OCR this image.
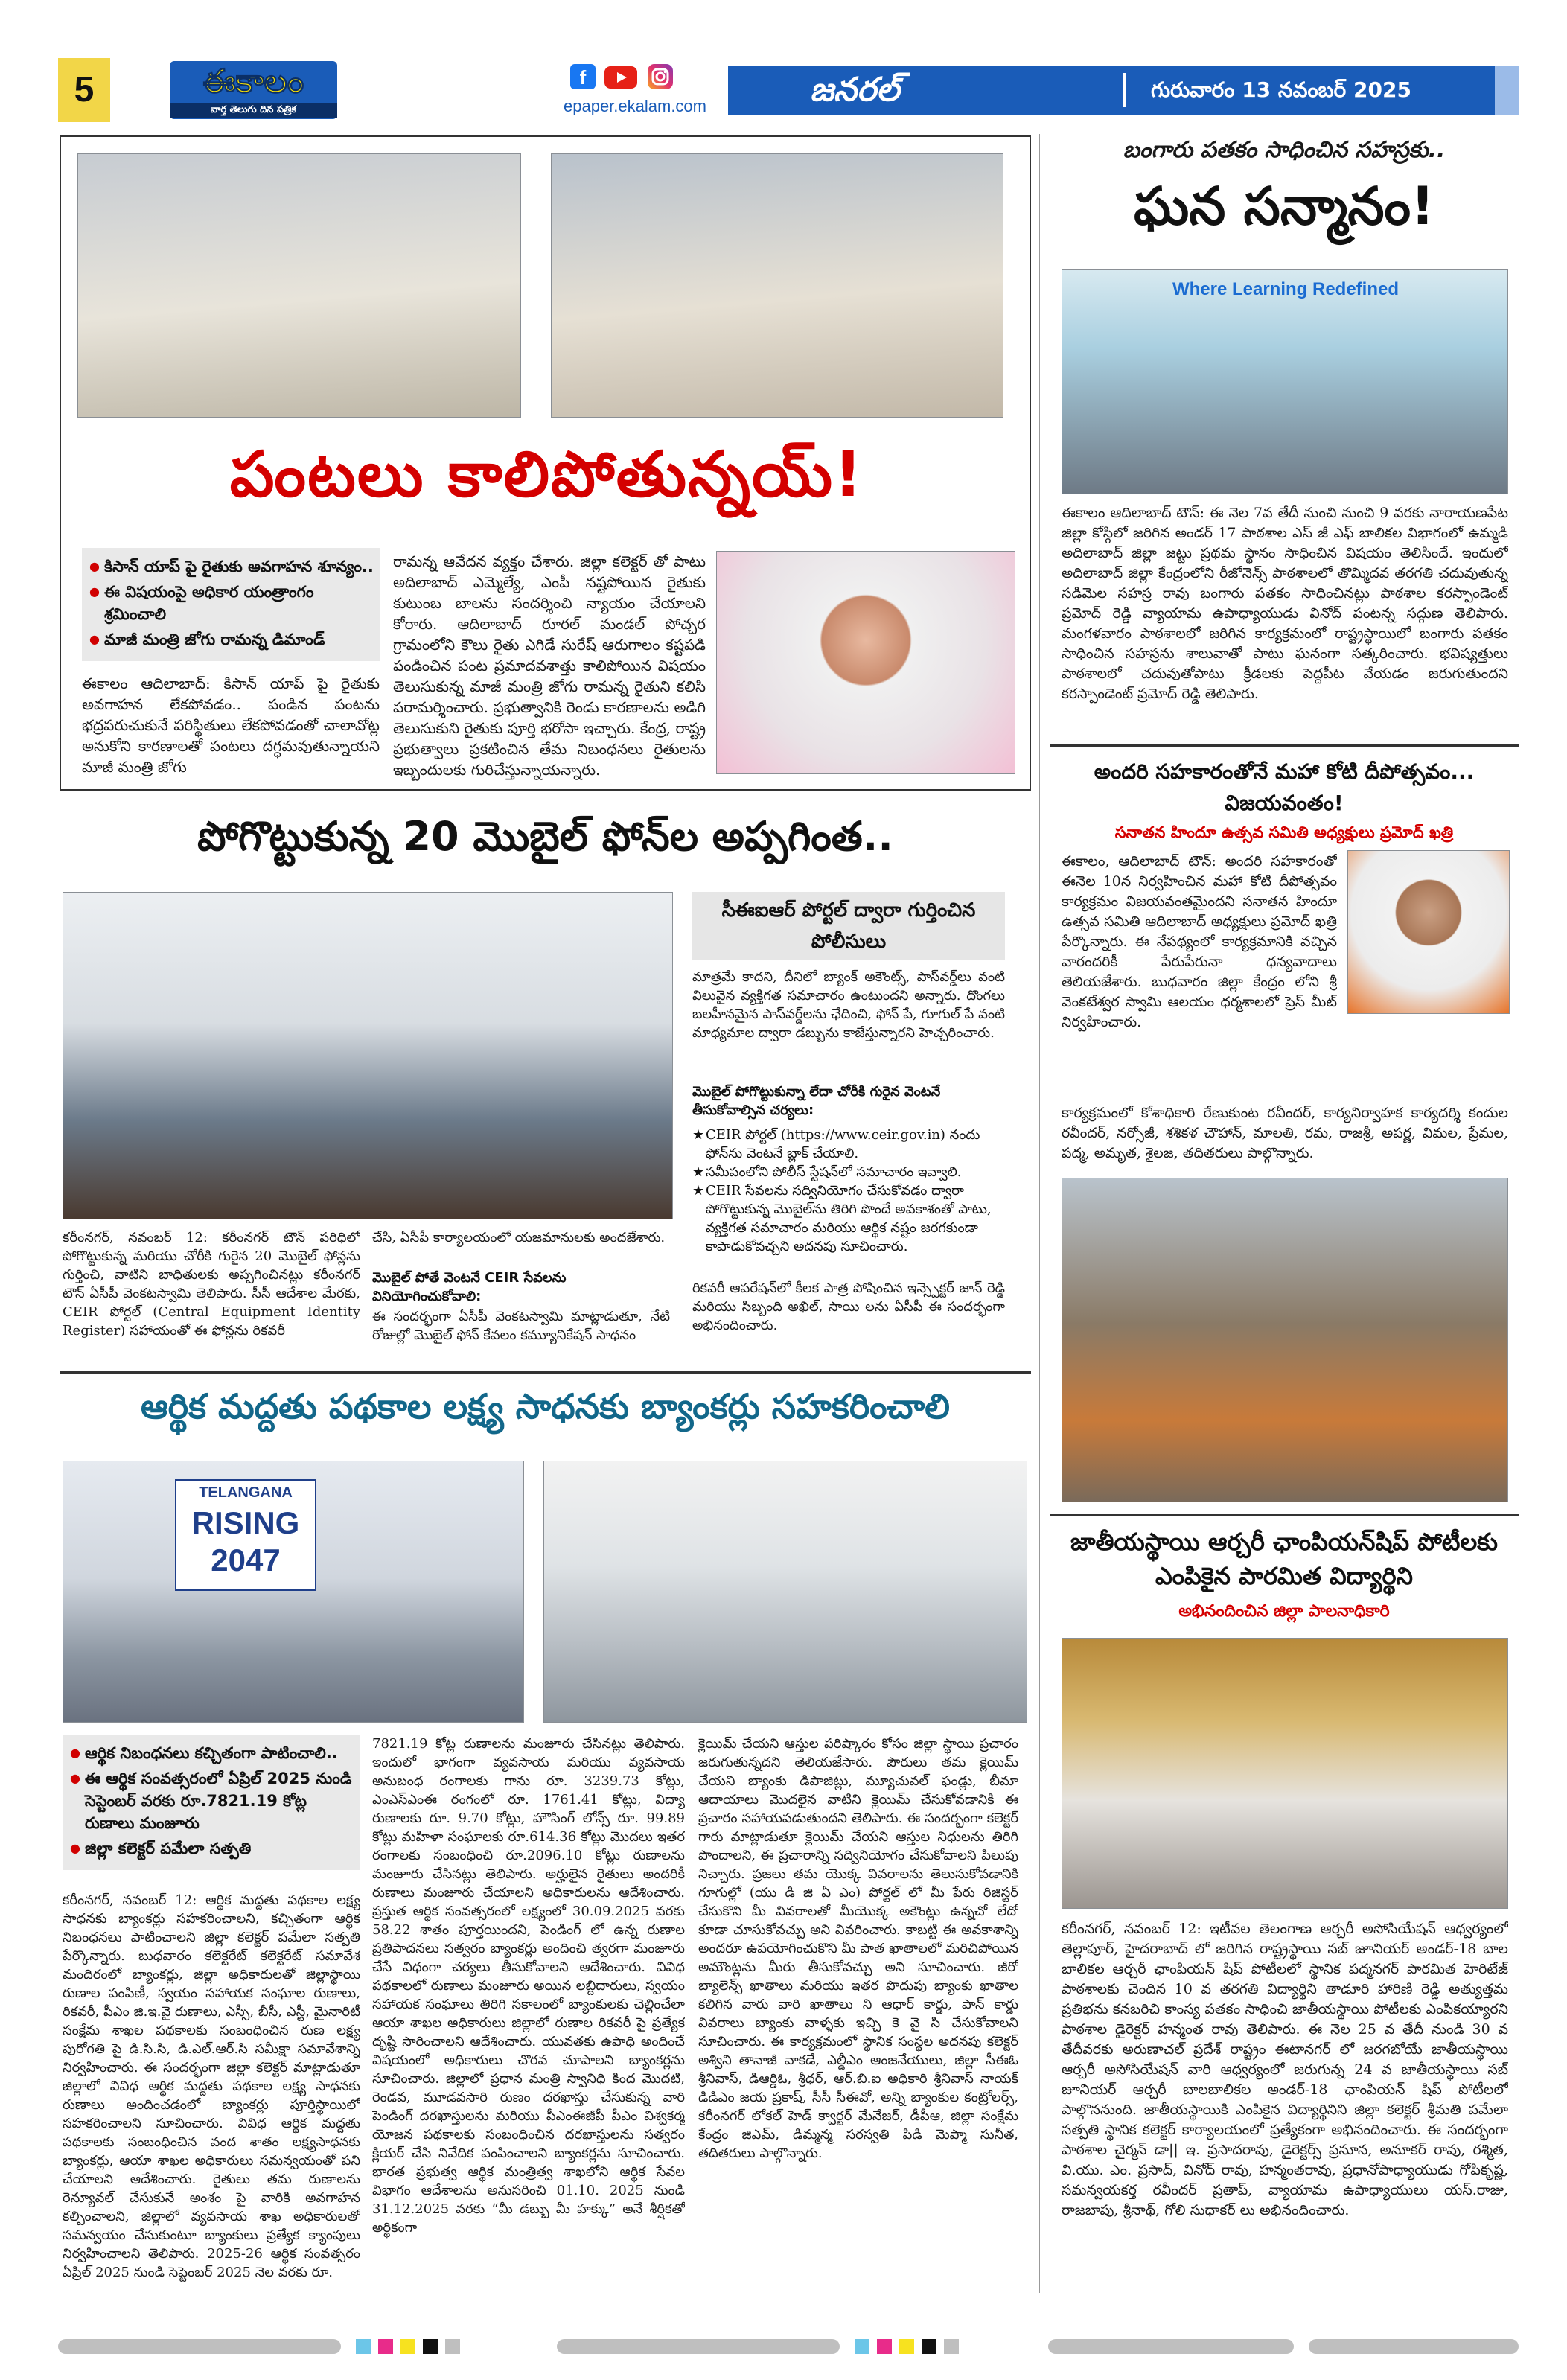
5	ఈకాలం
వార్త తెలుగు దిన పత్రిక
f
epaper.ekalam.com	జనరల్	గురువారం 13 నవంబర్ 2025
పంటలు కాలిపోతున్నయ్!
● కిసాన్ యాప్ పై రైతుకు అవగాహన శూన్యం..
● ఈ విషయంపై అధికార యంత్రాంగం శ్రమించాలి
● మాజీ మంత్రి జోగు రామన్న డిమాండ్
ఈకాలం ఆదిలాబాద్: కిసాన్ యాప్ పై రైతుకు అవగాహన లేకపోవడం.. పండిన పంటను భద్రపరుచుకునే పరిస్థితులు లేకపోవడంతో చాలావోట్ల అనుకోని కారణాలతో పంటలు దగ్ధమవుతున్నాయని మాజీ మంత్రి జోగు
రామన్న ఆవేదన వ్యక్తం చేశారు. జిల్లా కలెక్టర్ తో పాటు అదిలాబాద్ ఎమ్మెల్యే, ఎంపీ నష్టపోయిన రైతుకు కుటుంబ బాలను సందర్శించి న్యాయం చేయాలని కోరారు. ఆదిలాబాద్ రూరల్ మండల్ పోచ్చర గ్రామంలోని కౌలు రైతు ఎగిడే సురేష్ ఆరుగాలం కష్టపడి పండించిన పంట ప్రమాదవశాత్తు కాలిపోయిన విషయం తెలుసుకున్న మాజీ మంత్రి జోగు రామన్న రైతుని కలిసి పరామర్శించారు. ప్రభుత్వానికి రెండు కారణాలను అడిగి తెలుసుకుని రైతుకు పూర్తి భరోసా ఇచ్చారు. కేంద్ర, రాష్ట్ర ప్రభుత్వాలు ప్రకటించిన తేమ నిబంధనలు రైతులను ఇబ్బందులకు గురిచేస్తున్నాయన్నారు.
బంగారు పతకం సాధించిన సహస్రకు..
ఘన సన్మానం!
Where Learning Redefined
ఈకాలం ఆదిలాబాద్ టౌన్: ఈ నెల 7వ తేదీ నుంచి నుంచి 9 వరకు నారాయణపేట జిల్లా కోస్గిలో జరిగిన అండర్ 17 పాఠశాల ఎస్ జీ ఎఫ్ బాలికల విభాగంలో ఉమ్మడి అదిలాబాద్ జిల్లా జట్టు ప్రథమ స్థానం సాధించిన విషయం తెలిసిందే. ఇందులో అదిలాబాద్ జిల్లా కేంద్రంలోని రీజోనెన్స్ పాఠశాలలో తొమ్మిదవ తరగతి చదువుతున్న సడిమెల సహస్ర రావు బంగారు పతకం సాధించినట్లు పాఠశాల కరస్పాండెంట్ ప్రమోద్ రెడ్డి వ్యాయామ ఉపాధ్యాయుడు వినోద్ పంటన్న సద్గుణ తెలిపారు. మంగళవారం పాఠశాలలో జరిగిన కార్యక్రమంలో రాష్ట్రస్థాయిలో బంగారు పతకం సాధించిన సహస్రను శాలువాతో పాటు ఘనంగా సత్కరించారు. భవిష్యత్తులు పాఠశాలలో చదువుతోపాటు క్రీడలకు పెద్దపీట వేయడం జరుగుతుందని కరస్పాండెంట్ ప్రమోద్ రెడ్డి తెలిపారు.
అందరి సహకారంతోనే మహా కోటి దీపోత్సవం... విజయవంతం!
సనాతన హిందూ ఉత్సవ సమితి అధ్యక్షులు ప్రమోద్ ఖత్రి
ఈకాలం, ఆదిలాబాద్ టౌన్: అందరి సహకారంతో ఈనెల 10న నిర్వహించిన మహా కోటి దీపోత్సవం కార్యక్రమం విజయవంతమైందని సనాతన హిందూ ఉత్సవ సమితి ఆదిలాబాద్ అధ్యక్షులు ప్రమోద్ ఖత్రి పేర్కొన్నారు. ఈ నేపథ్యంలో కార్యక్రమానికి వచ్చిన వారందరికీ పేరుపేరునా ధన్యవాదాలు తెలియజేశారు. బుధవారం జిల్లా కేంద్రం లోని శ్రీ వెంకటేశ్వర స్వామి ఆలయం ధర్మశాలలో ప్రెస్ మీట్ నిర్వహించారు.
కార్యక్రమంలో కోశాధికారి రేణుకుంట రవీందర్, కార్యనిర్వాహక కార్యదర్శి కందుల రవీందర్, నర్సోజీ, శశికళ చౌహాన్, మాలతి, రమ, రాజశ్రీ, అపర్ణ, విమల, ప్రేమల, పద్మ, అమృత, శైలజ, తదితరులు పాల్గొన్నారు.
జాతీయస్థాయి ఆర్చరీ ఛాంపియన్‌షిప్ పోటీలకు ఎంపికైన పారమిత విద్యార్థిని
అభినందించిన జిల్లా పాలనాధికారి
కరీంనగర్, నవంబర్ 12: ఇటీవల తెలంగాణ ఆర్చరీ అసోసియేషన్ ఆధ్వర్యంలో తెల్లాపూర్, హైదరాబాద్ లో జరిగిన రాష్ట్రస్థాయి సబ్ జూనియర్ అండర్-18 బాల బాలికల ఆర్చరీ ఛాంపియన్ షిప్ పోటీలలో స్థానిక పద్మనగర్ పారమిత హెరిటేజ్ పాఠశాలకు చెందిన 10 వ తరగతి విద్యార్థిని తాడూరి హారిణి రెడ్డి అత్యుత్తమ ప్రతిభను కనబరిచి కాంస్య పతకం సాధించి జాతీయస్థాయి పోటీలకు ఎంపికయ్యారని పాఠశాల డైరెక్టర్ హన్మంత రావు తెలిపారు. ఈ నెల 25 వ తేదీ నుండి 30 వ తేదీవరకు అరుణాచల్ ప్రదేశ్ రాష్ట్రం ఈటానగర్ లో జరగబోయే జాతీయస్థాయి ఆర్చరీ అసోసియేషన్ వారి ఆధ్వర్యంలో జరుగున్న 24 వ జాతీయస్థాయి సబ్ జూనియర్ ఆర్చరీ బాలబాలికల అండర్-18 ఛాంపియన్ షిప్ పోటీలలో పాల్గొననుంది. జాతీయస్థాయికి ఎంపికైన విద్యార్థినిని జిల్లా కలెక్టర్ శ్రీమతి పమేలా సత్పతి స్థానిక కలెక్టర్ కార్యాలయంలో ప్రత్యేకంగా అభినందించారు. ఈ సందర్భంగా పాఠశాల చైర్మన్ డా|| ఇ. ప్రసాదరావు, డైరెక్టర్స్ ప్రసూన, అనూకర్ రావు, రశ్మిత, వి.యు. ఎం. ప్రసాద్, వినోద్ రావు, హన్మంతరావు, ప్రధానోపాధ్యాయుడు గోపికృష్ణ, సమన్వయకర్త రవీందర్ ప్రతాప్, వ్యాయామ ఉపాధ్యాయులు యస్.రాజు, రాజబాపు, శ్రీనాథ్, గోలి సుధాకర్ లు అభినందించారు.
పోగొట్టుకున్న 20 మొబైల్ ఫోన్‌ల అప్పగింత..
సీఈఐఆర్ పోర్టల్ ద్వారా గుర్తించిన పోలీసులు
మాత్రమే కాదని, దీనిలో బ్యాంక్ అకౌంట్స్, పాస్‌వర్డ్‌లు వంటి విలువైన వ్యక్తిగత సమాచారం ఉంటుందని అన్నారు. దొంగలు బలహీనమైన పాస్‌వర్డ్‌లను ఛేదించి, ఫోన్ పే, గూగుల్ పే వంటి మాధ్యమాల ద్వారా డబ్బును కాజేస్తున్నారని హెచ్చరించారు.
మొబైల్ పోగొట్టుకున్నా లేదా చోరీకి గురైన వెంటనే తీసుకోవాల్సిన చర్యలు:
★ CEIR పోర్టల్ (https://www.ceir.gov.in) నందు ఫోన్‌ను వెంటనే బ్లాక్ చేయాలి.
★ సమీపంలోని పోలీస్ స్టేషన్‌లో సమాచారం ఇవ్వాలి.
★ CEIR సేవలను సద్వినియోగం చేసుకోవడం ద్వారా పోగొట్టుకున్న మొబైల్‌ను తిరిగి పొందే అవకాశంతో పాటు, వ్యక్తిగత సమాచారం మరియు ఆర్థిక నష్టం జరగకుండా కాపాడుకోవచ్చని అదనపు సూచించారు.
రికవరీ ఆపరేషన్‌లో కీలక పాత్ర పోషించిన ఇన్స్పెక్టర్ జాన్ రెడ్డి మరియు సిబ్బంది అఖిల్, సాయి లను ఏసీపీ ఈ సందర్భంగా అభినందించారు.
కరీంనగర్, నవంబర్ 12: కరీంనగర్ టౌన్ పరిధిలో పోగొట్టుకున్న మరియు చోరీకి గురైన 20 మొబైల్ ఫోన్లను గుర్తించి, వాటిని బాధితులకు అప్పగించినట్లు కరీంనగర్ టౌన్ ఏసీపీ వెంకటస్వామి తెలిపారు. సీసీ ఆదేశాల మేరకు, CEIR పోర్టల్ (Central Equipment Identity Register) సహాయంతో ఈ ఫోన్లను రికవరీ
చేసి, ఏసీపీ కార్యాలయంలో యజమానులకు అందజేశారు.
మొబైల్ పోతే వెంటనే CEIR సేవలను వినియోగించుకోవాలి:
ఈ సందర్భంగా ఏసీపీ వెంకటస్వామి మాట్లాడుతూ, నేటి రోజుల్లో మొబైల్ ఫోన్ కేవలం కమ్యూనికేషన్ సాధనం
ఆర్థిక మద్దతు పథకాల లక్ష్య సాధనకు బ్యాంకర్లు సహకరించాలి
TELANGANA
RISING
2047
● ఆర్థిక నిబంధనలు కచ్చితంగా పాటించాలి..
● ఈ ఆర్థిక సంవత్సరంలో ఏప్రిల్ 2025 నుండి సెప్టెంబర్ వరకు రూ.7821.19 కోట్ల రుణాలు మంజూరు
● జిల్లా కలెక్టర్ పమేలా సత్పతి
కరీంనగర్, నవంబర్ 12: ఆర్థిక మద్దతు పథకాల లక్ష్య సాధనకు బ్యాంకర్లు సహకరించాలని, కచ్చితంగా ఆర్థిక నిబంధనలు పాటించాలని జిల్లా కలెక్టర్ పమేలా సత్పతి పేర్కొన్నారు. బుధవారం కలెక్టరేట్ కలెక్టరేట్ సమావేశ మందిరంలో బ్యాంకర్లు, జిల్లా అధికారులతో జిల్లాస్థాయి రుణాల పంపిణీ, స్వయం సహాయక సంఘాల రుణాలు, రికవరీ, పీఎం జి.ఇ.వై రుణాలు, ఎస్సీ, బీసీ, ఎస్టీ, మైనారిటీ సంక్షేమ శాఖల పథకాలకు సంబంధించిన రుణ లక్ష్య పురోగతి పై డి.సి.సి, డి.ఎల్.ఆర్.సి సమీక్షా సమావేశాన్ని నిర్వహించారు. ఈ సందర్భంగా జిల్లా కలెక్టర్ మాట్లాడుతూ జిల్లాలో వివిధ ఆర్థిక మద్దతు పథకాల లక్ష్య సాధనకు రుణాలు అందించడంలో బ్యాంకర్లు పూర్తిస్థాయిలో సహకరించాలని సూచించారు. వివిధ ఆర్థిక మద్దతు పథకాలకు సంబంధించిన వంద శాతం లక్ష్యసాధనకు బ్యాంకర్లు, ఆయా శాఖల అధికారులు సమన్వయంతో పని చేయాలని ఆదేశించారు. రైతులు తమ రుణాలను రెన్యూవల్ చేసుకునే అంశం పై వారికి అవగాహన కల్పించాలని, జిల్లాలో వ్యవసాయ శాఖ అధికారులతో సమన్వయం చేసుకుంటూ బ్యాంకులు ప్రత్యేక క్యాంపులు నిర్వహించాలని తెలిపారు. 2025-26 ఆర్థిక సంవత్సరం ఏప్రిల్ 2025 నుండి సెప్టెంబర్ 2025 నెల వరకు రూ.
7821.19 కోట్ల రుణాలను మంజూరు చేసినట్లు తెలిపారు. ఇందులో భాగంగా వ్యవసాయ మరియు వ్యవసాయ అనుబంధ రంగాలకు గాను రూ. 3239.73 కోట్లు, ఎంఎస్ఎంఈ రంగంలో రూ. 1761.41 కోట్లు, విద్యా రుణాలకు రూ. 9.70 కోట్లు, హౌసింగ్ లోన్స్ రూ. 99.89 కోట్లు మహిళా సంఘాలకు రూ.614.36 కోట్లు మొదలు ఇతర రంగాలకు సంబంధించి రూ.2096.10 కోట్లు రుణాలను మంజూరు చేసినట్లు తెలిపారు. అర్హులైన రైతులు అందరికీ రుణాలు మంజూరు చేయాలని అధికారులను ఆదేశించారు. ప్రస్తుత ఆర్థిక సంవత్సరంలో లక్ష్యంలో 30.09.2025 వరకు 58.22 శాతం పూర్తయిందని, పెండింగ్ లో ఉన్న రుణాల ప్రతిపాదనలు సత్వరం బ్యాంకర్లు అందించి త్వరగా మంజూరు చేసే విధంగా చర్యలు తీసుకోవాలని ఆదేశించారు. వివిధ పథకాలలో రుణాలు మంజూరు అయిన లబ్దిదారులు, స్వయం సహాయక సంఘాలు తిరిగి సకాలంలో బ్యాంకులకు చెల్లించేలా ఆయా శాఖల అధికారులు జిల్లాలో రుణాల రికవరీ పై ప్రత్యేక దృష్టి సారించాలని ఆదేశించారు. యువతకు ఉపాధి అందించే విషయంలో అధికారులు చొరవ చూపాలని బ్యాంకర్లను సూచించారు. జిల్లాలో ప్రధాన మంత్రి స్వానిధి కింద మొదటి, రెండవ, మూడవసారి రుణం దరఖాస్తు చేసుకున్న వారి పెండింగ్ దరఖాస్తులను మరియు పీఎంఈజీపీ పీఎం విశ్వకర్మ యోజన పథకాలకు సంబంధించిన దరఖాస్తులను సత్వరం క్లియర్ చేసి నివేదిక పంపించాలని బ్యాంకర్లను సూచించారు. భారత ప్రభుత్వ ఆర్థిక మంత్రిత్వ శాఖలోని ఆర్థిక సేవల విభాగం ఆదేశాలను అనుసరించి 01.10. 2025 నుండి 31.12.2025 వరకు “మీ డబ్బు మీ హక్కు” అనే శీర్షికతో అర్థికంగా
క్లెయిమ్ చేయని ఆస్తుల పరిష్కారం కోసం జిల్లా స్థాయి ప్రచారం జరుగుతున్నదని తెలియజేసారు. పౌరులు తమ క్లెయిమ్ చేయని బ్యాంకు డిపాజిట్లు, మ్యూచువల్ ఫండ్లు, బీమా ఆదాయాలు మొదలైన వాటిని క్లెయిమ్ చేసుకోవడానికి ఈ ప్రచారం సహాయపడుతుందని తెలిపారు. ఈ సందర్భంగా కలెక్టర్ గారు మాట్లాడుతూ క్లెయిమ్ చేయని ఆస్తుల నిధులను తిరిగి పొందాలని, ఈ ప్రచారాన్ని సద్వినియోగం చేసుకోవాలని పిలుపు నిచ్చారు. ప్రజలు తమ యొక్క వివరాలను తెలుసుకోవడానికి గూగుల్లో (యు డి జి ఏ ఎం) పోర్టల్ లో మీ పేరు రిజిస్టర్ చేసుకొని మీ వివరాలతో మీయొక్క అకౌంట్లు ఉన్నచో లేదో కూడా చూసుకోవచ్చు అని వివరించారు. కాబట్టి ఈ అవకాశాన్ని అందరూ ఉపయోగించుకొని మీ పాత ఖాతాలలో మరిచిపోయిన అమౌంట్లను మీరు తీసుకోవచ్చు అని సూచించారు. జీరో బ్యాలెన్స్ ఖాతాలు మరియు ఇతర పొదుపు బ్యాంకు ఖాతాల కలిగిన వారు వారి ఖాతాలు ని ఆధార్ కార్డు, పాన్ కార్డు వివరాలు బ్యాంకు వాళ్ళకు ఇచ్చి కె వై సి చేసుకోవాలని సూచించారు. ఈ కార్యక్రమంలో స్థానిక సంస్థల అదనపు కలెక్టర్ అశ్విని తానాజీ వాకడే, ఎల్డీఎం ఆంజనేయులు, జిల్లా సీఈఓ శ్రీనివాస్, డిఆర్డిఓ, శ్రీధర్, ఆర్.బి.ఐ అధికారి శ్రీనివాస్ నాయక్ డిడిఎం జయ ప్రకాష్, సీసీ సీఈవో, అన్ని బ్యాంకుల కంట్రోలర్స్, కరీంనగర్ లోకల్ హెడ్ క్వార్టర్ మేనేజర్, డీపీఆ, జిల్లా సంక్షేమ కేంద్రం జిఎమ్, డిమ్మన్మ సరస్వతి పిడి మెప్మా సునీత, తదితరులు పాల్గొన్నారు.
